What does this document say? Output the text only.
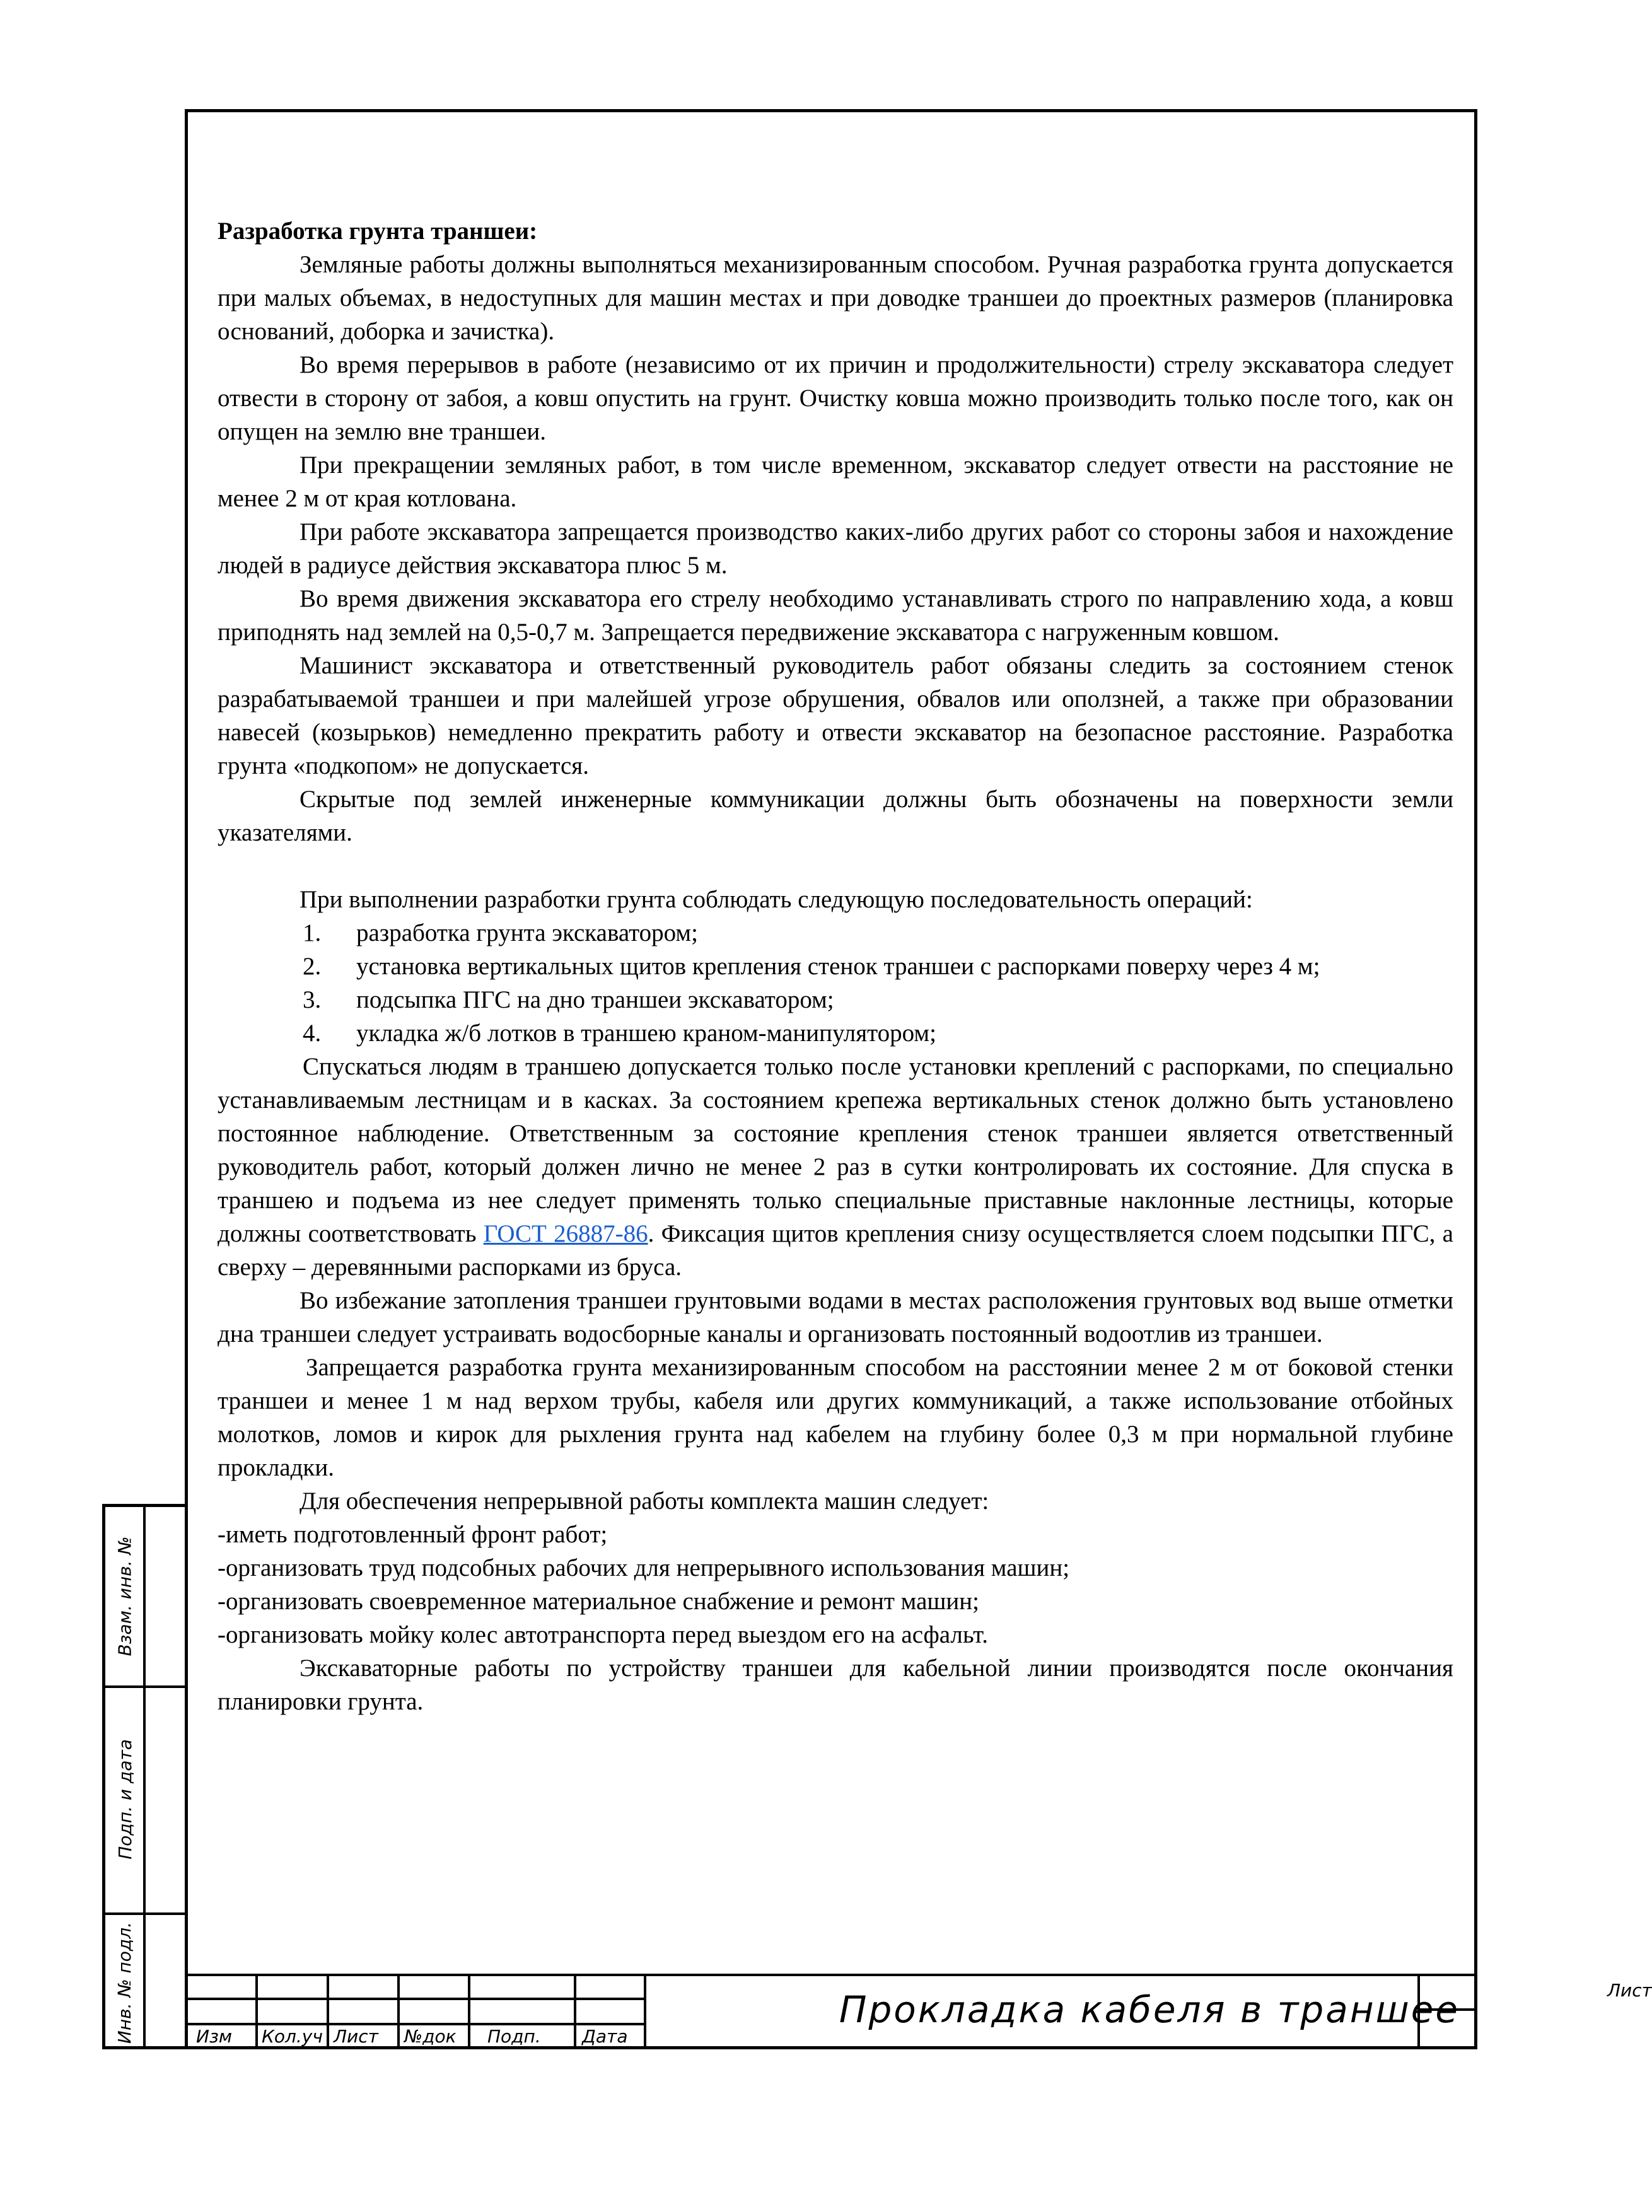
Разработка грунта траншеи:

Земляные работы должны выполняться механизированным способом. Ручная разработка грунта допускается при малых объемах, в недоступных для машин местах и при доводке траншеи до проектных размеров (планировка оснований, доборка и зачистка).

Во время перерывов в работе (независимо от их причин и продолжительности) стрелу экскаватора следует отвести в сторону от забоя, а ковш опустить на грунт. Очистку ковша можно производить только после того, как он опущен на землю вне траншеи.

При прекращении земляных работ, в том числе временном, экскаватор следует отвести на расстояние не менее 2 м от края котлована.

При работе экскаватора запрещается производство каких-либо других работ со стороны забоя и нахождение людей в радиусе действия экскаватора плюс 5 м.

Во время движения экскаватора его стрелу необходимо устанавливать строго по направлению хода, а ковш приподнять над землей на 0,5-0,7 м. Запрещается передвижение экскаватора с нагруженным ковшом.

Машинист экскаватора и ответственный руководитель работ обязаны следить за состоянием стенок разрабатываемой траншеи и при малейшей угрозе обрушения, обвалов или оползней, а также при образовании навесей (козырьков) немедленно прекратить работу и отвести экскаватор на безопасное расстояние. Разработка грунта «подкопом» не допускается.

Скрытые под землей инженерные коммуникации должны быть обозначены на поверхности земли указателями.

При выполнении разработки грунта соблюдать следующую последовательность операций:

1. разработка грунта экскаватором;
2. установка вертикальных щитов крепления стенок траншеи с распорками поверху через 4 м;
3. подсыпка ПГС на дно траншеи экскаватором;
4. укладка ж/б лотков в траншею краном-манипулятором;

Спускаться людям в траншею допускается только после установки креплений с распорками, по специально устанавливаемым лестницам и в касках. За состоянием крепежа вертикальных стенок должно быть установлено постоянное наблюдение. Ответственным за состояние крепления стенок траншеи является ответственный руководитель работ, который должен лично не менее 2 раз в сутки контролировать их состояние. Для спуска в траншею и подъема из нее следует применять только специальные приставные наклонные лестницы, которые должны соответствовать ГОСТ 26887-86. Фиксация щитов крепления снизу осуществляется слоем подсыпки ПГС, а сверху – деревянными распорками из бруса.

Во избежание затопления траншеи грунтовыми водами в местах расположения грунтовых вод выше отметки дна траншеи следует устраивать водосборные каналы и организовать постоянный водоотлив из траншеи.

Запрещается разработка грунта механизированным способом на расстоянии менее 2 м от боковой стенки траншеи и менее 1 м над верхом трубы, кабеля или других коммуникаций, а также использование отбойных молотков, ломов и кирок для рыхления грунта над кабелем на глубину более 0,3 м при нормальной глубине прокладки.

Для обеспечения непрерывной работы комплекта машин следует:

-иметь подготовленный фронт работ;

-организовать труд подсобных рабочих для непрерывного использования машин;

-организовать своевременное материальное снабжение и ремонт машин;

-организовать мойку колес автотранспорта перед выездом его на асфальт.

Экскаваторные работы по устройству траншеи для кабельной линии производятся после окончания планировки грунта.

Взам. инв. №
Подп. и дата
Инв. № подл.	Изм Кол.уч Лист №док Подп. Дата
Прокладка кабеля в траншее	Лист
